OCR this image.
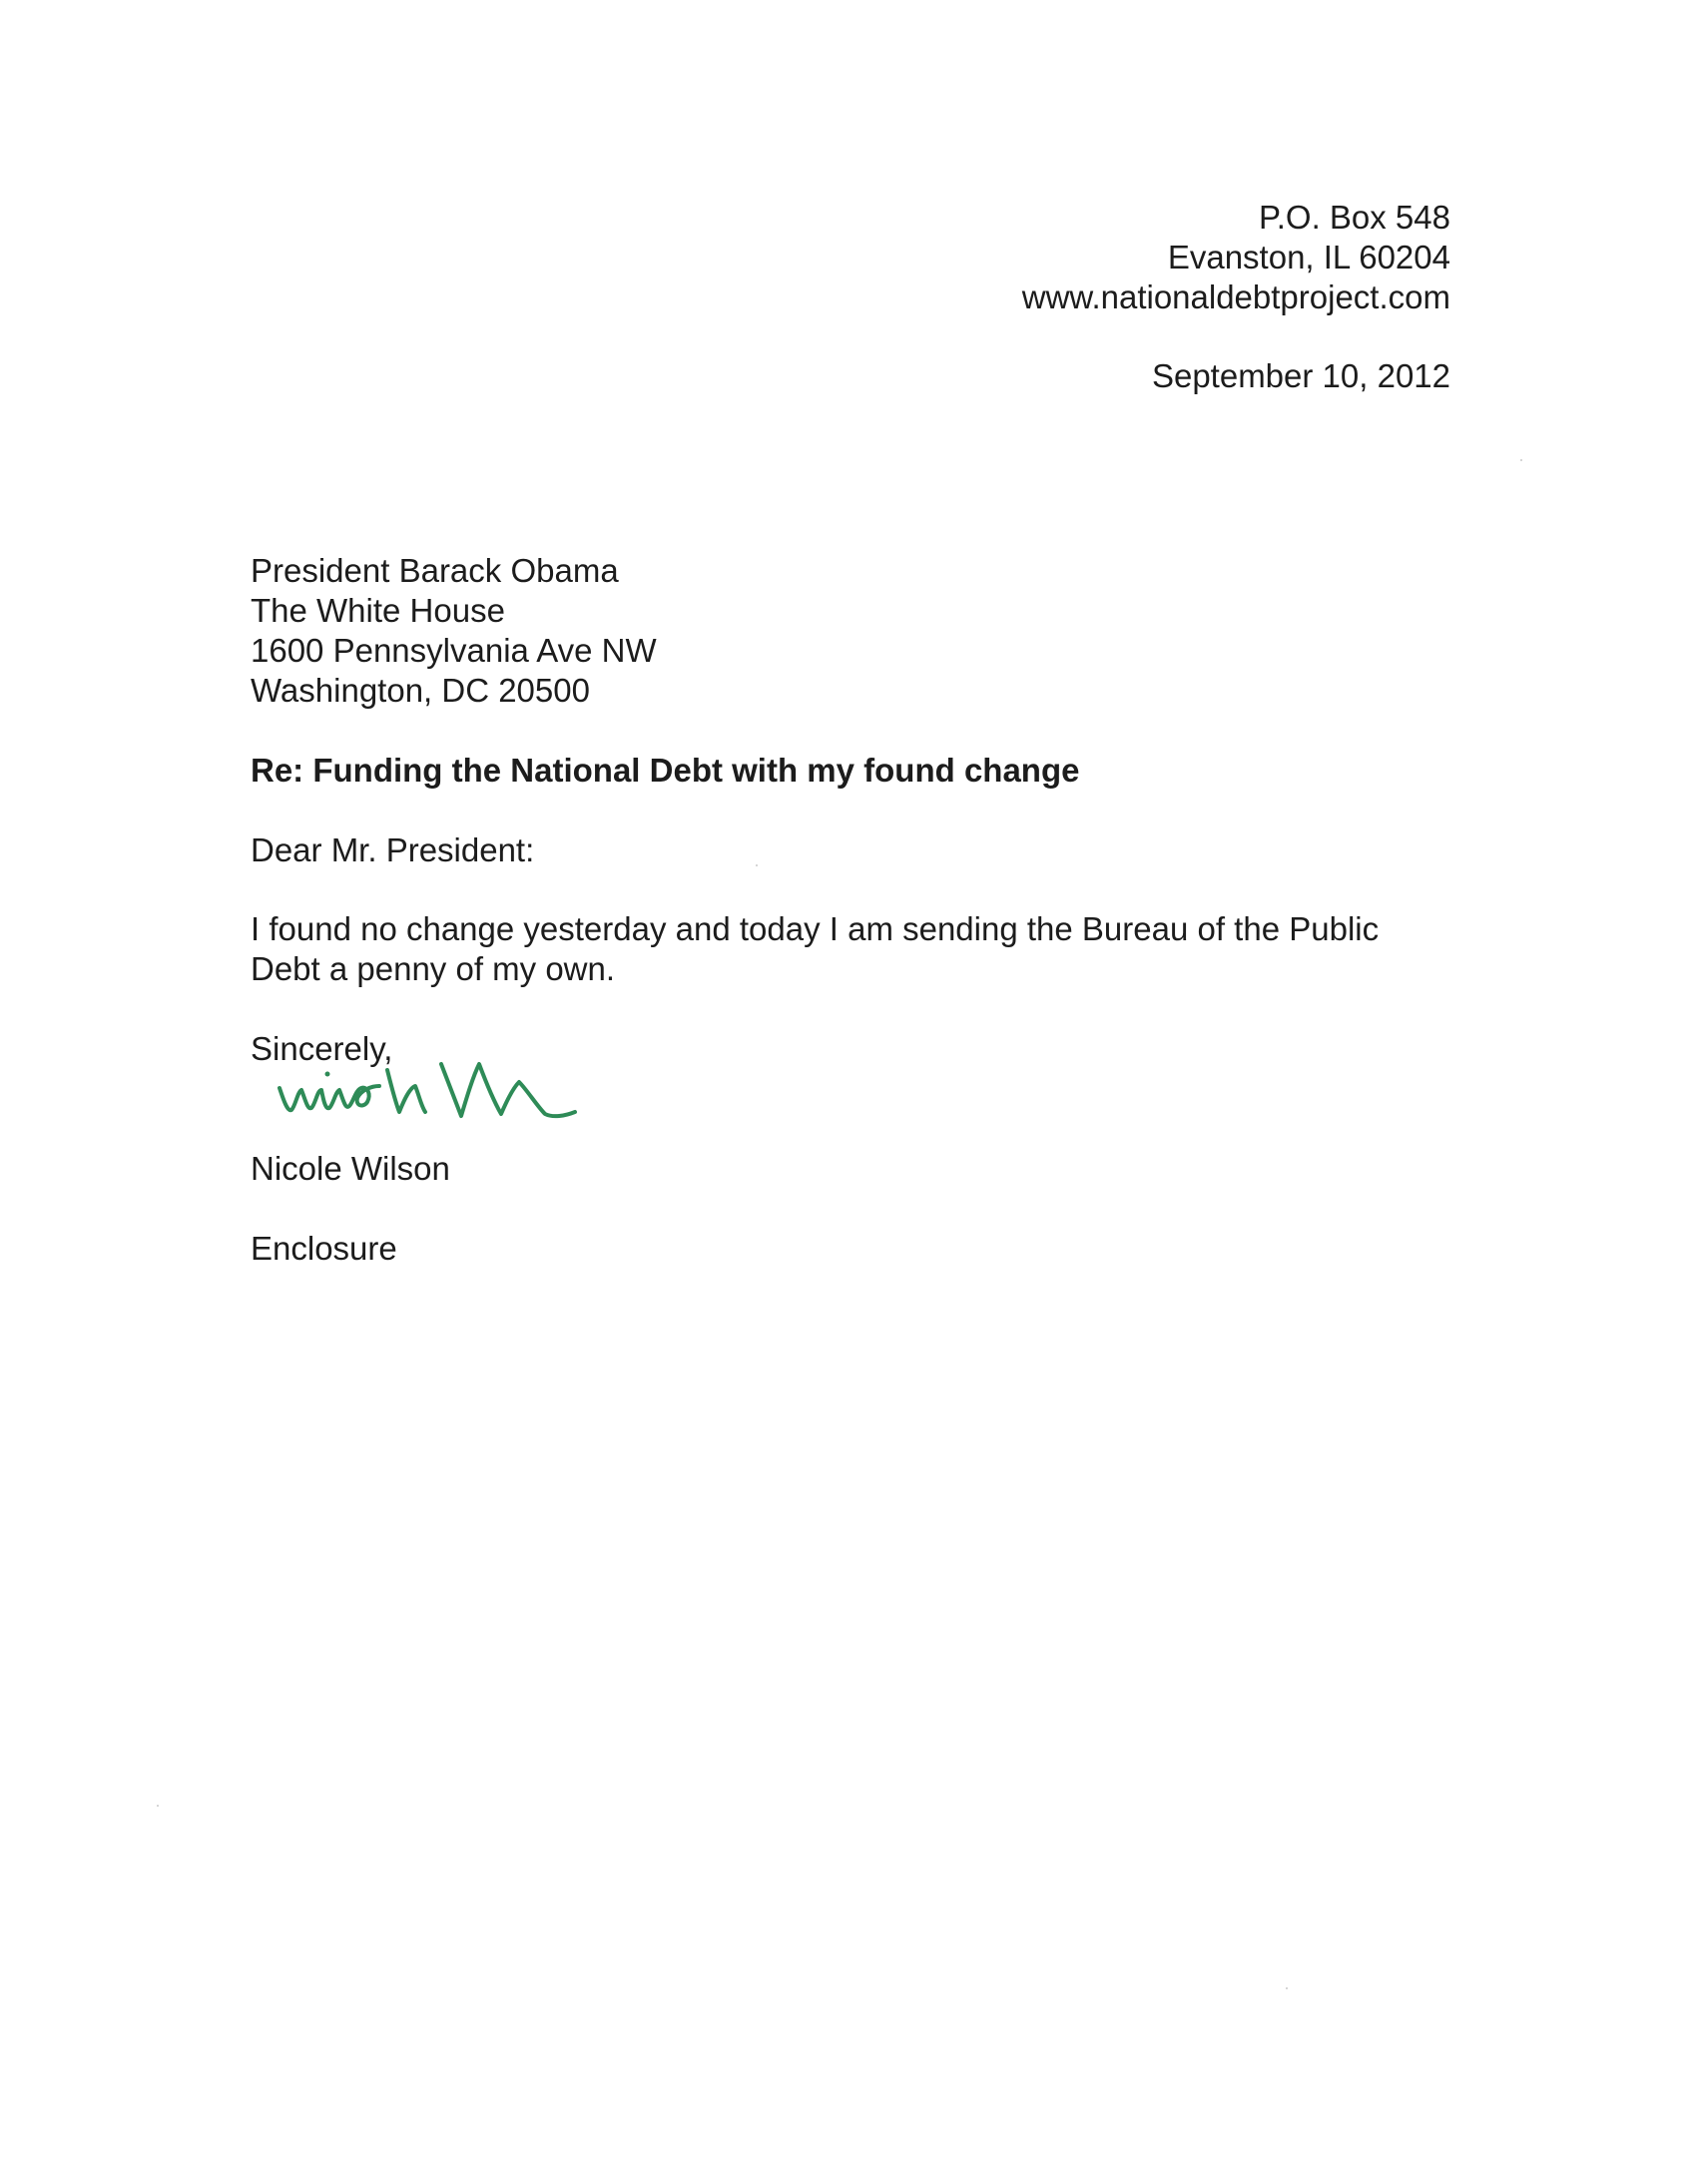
P.O. Box 548

Evanston, IL 60204

www.nationaldebtproject.com

September 10, 2012

President Barack Obama

The White House

1600 Pennsylvania Ave NW

Washington, DC 20500

Re: Funding the National Debt with my found change

Dear Mr. President:

I found no change yesterday and today I am sending the Bureau of the Public

Debt a penny of my own.

Sincerely,

Nicole Wilson

Enclosure
